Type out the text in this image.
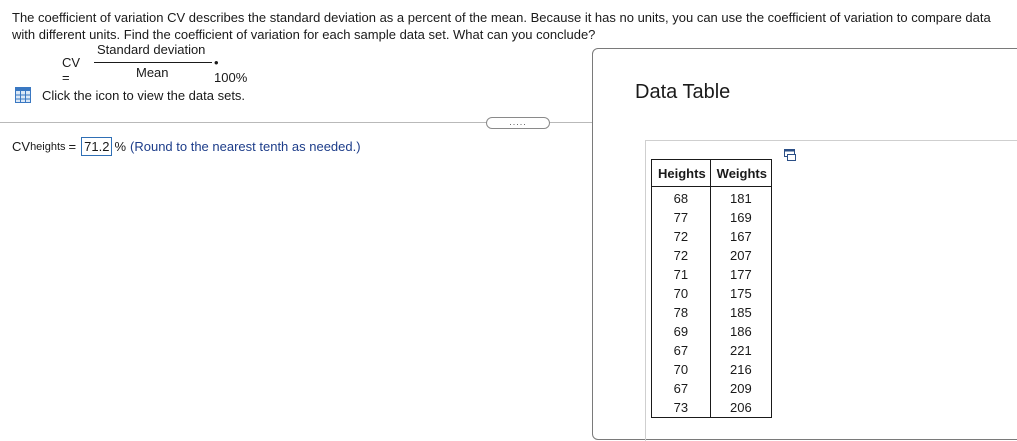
The coefficient of variation CV describes the standard deviation as a percent of the mean. Because it has no units, you can use the coefficient of variation to compare data with different units. Find the coefficient of variation for each sample data set. What can you conclude?
CV =
Standard deviation
Mean
• 100%
Click the icon to view the data sets.
.....
CV heights = 71.2 % (Round to the nearest tenth as needed.)
Data Table
Heights	Weights
68	181
77	169
72	167
72	207
71	177
70	175
78	185
69	186
67	221
70	216
67	209
73	206
